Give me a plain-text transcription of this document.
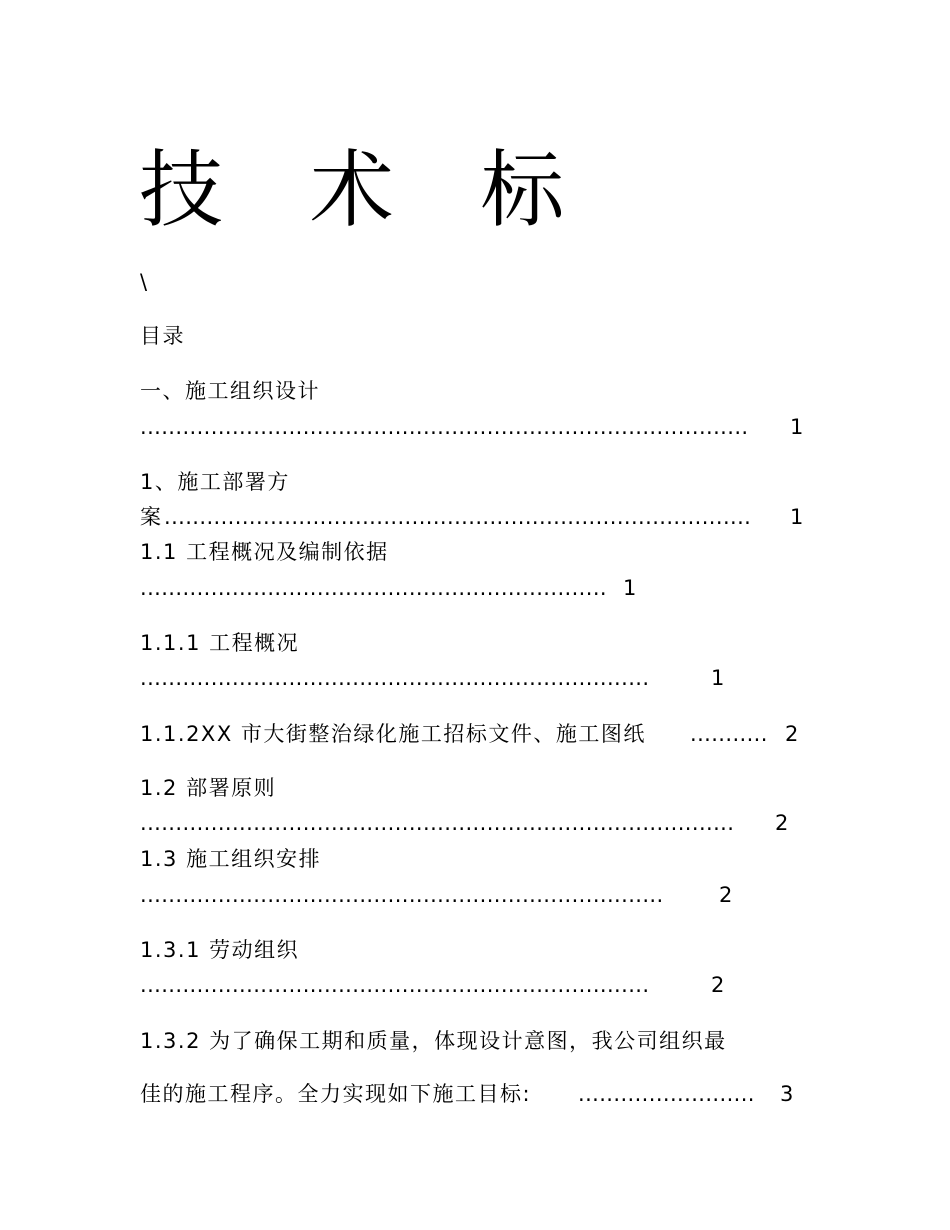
技 术 标
\
目录
一、施工组织设计
...................................................................................... 1
1、施工部署方
案 ................................................................................... 1
1.1 工程概况及编制依据
.................................................................. 1
1.1.1 工程概况
........................................................................	1
1.1.2XX 市大街整治绿化施工招标文件、施工图纸 ........... 2
1.2 部署原则
.................................................................................... 2
1.3 施工组织安排
..........................................................................	2
1.3.1 劳动组织
........................................................................	2
1.3.2 为了确保工期和质量，体现设计意图，我公司组织最
佳的施工程序。全力实现如下施工目标: ......................... 3
